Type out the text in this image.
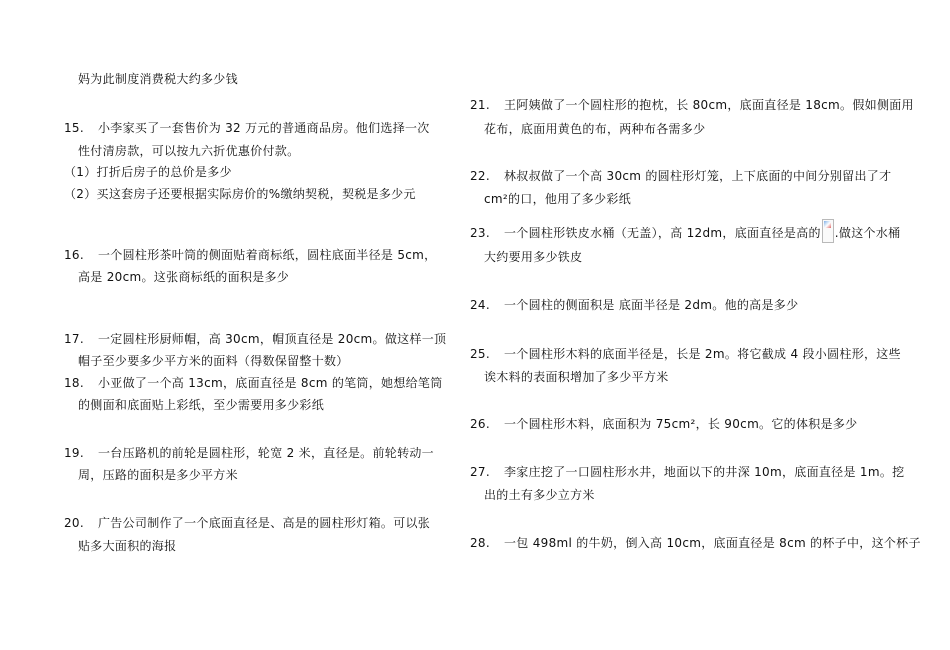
妈为此制度消费税大约多少钱
15. 小李家买了一套售价为 32 万元的普通商品房。他们选择一次
性付清房款，可以按九六折优惠价付款。
（1）打折后房子的总价是多少
（2）买这套房子还要根据实际房价的%缴纳契税，契税是多少元
16. 一个圆柱形茶叶筒的侧面贴着商标纸，圆柱底面半径是 5cm，
高是 20cm。这张商标纸的面积是多少
17. 一定圆柱形厨师帽，高 30cm，帽顶直径是 20cm。做这样一顶
帽子至少要多少平方米的面料（得数保留整十数）
18. 小亚做了一个高 13cm，底面直径是 8cm 的笔筒，她想给笔筒
的侧面和底面贴上彩纸，至少需要用多少彩纸
19. 一台压路机的前轮是圆柱形，轮宽 2 米，直径是。前轮转动一
周，压路的面积是多少平方米
20. 广告公司制作了一个底面直径是、高是的圆柱形灯箱。可以张
贴多大面积的海报
21. 王阿姨做了一个圆柱形的抱枕，长 80cm，底面直径是 18cm。假如侧面用
花布，底面用黄色的布，两种布各需多少
22. 林叔叔做了一个高 30cm 的圆柱形灯笼，上下底面的中间分别留出了才
cm²的口，他用了多少彩纸
23. 一个圆柱形铁皮水桶（无盖），高 12dm，底面直径是高的 .做这个水桶
大约要用多少铁皮
24. 一个圆柱的侧面积是 底面半径是 2dm。他的高是多少
25. 一个圆柱形木料的底面半径是，长是 2m。将它截成 4 段小圆柱形，这些
诶木料的表面积增加了多少平方米
26. 一个圆柱形木料，底面积为 75cm²，长 90cm。它的体积是多少
27. 李家庄挖了一口圆柱形水井，地面以下的井深 10m，底面直径是 1m。挖
出的土有多少立方米
28. 一包 498ml 的牛奶，倒入高 10cm，底面直径是 8cm 的杯子中，这个杯子
